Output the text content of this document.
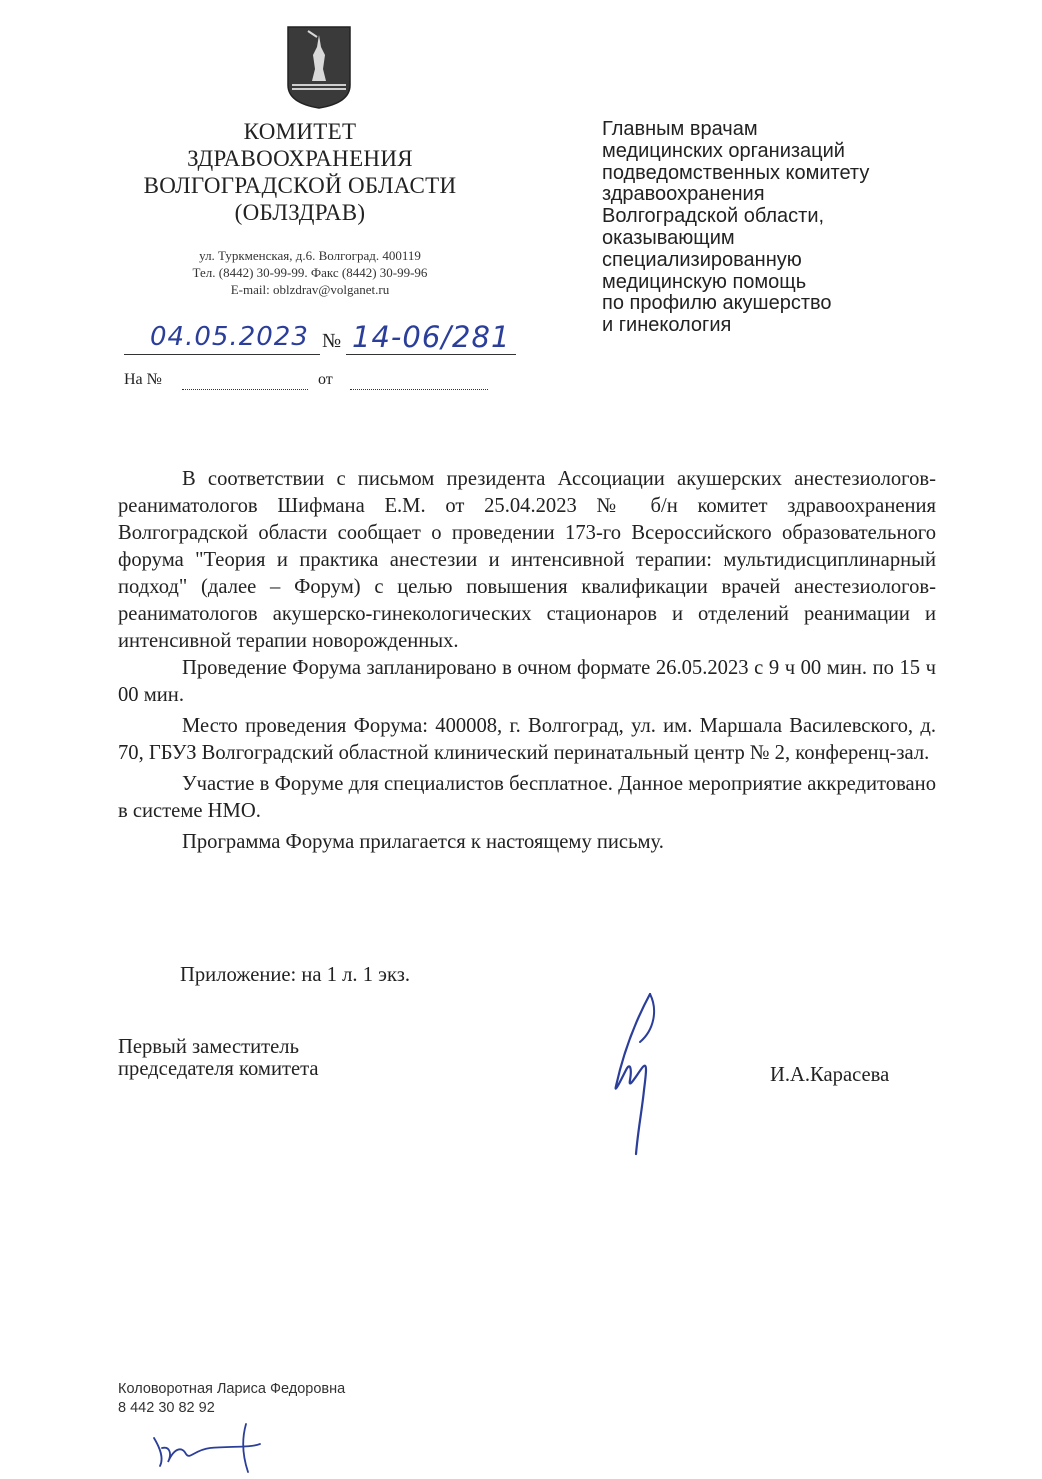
КОМИТЕТ
ЗДРАВООХРАНЕНИЯ
ВОЛГОГРАДСКОЙ ОБЛАСТИ
(ОБЛЗДРАВ)
ул. Туркменская, д.6. Волгоград. 400119
Тел. (8442) 30-99-99. Факс (8442) 30-99-96
E-mail: oblzdrav@volganet.ru
04.05.2023 № 14-06/281
На №	от
Главным врачам
медицинских организаций
подведомственных комитету
здравоохранения
Волгоградской области,
оказывающим
специализированную
медицинскую помощь
по профилю акушерство
и гинекология

В соответствии с письмом президента Ассоциации акушерских анестезиологов-реаниматологов Шифмана Е.М. от 25.04.2023 № б/н комитет здравоохранения Волгоградской области сообщает о проведении 173-го Всероссийского образовательного форума "Теория и практика анестезии и интенсивной терапии: мультидисциплинарный подход" (далее – Форум) с целью повышения квалификации врачей анестезиологов-реаниматологов акушерско-гинекологических стационаров и отделений реанимации и интенсивной терапии новорожденных.

Проведение Форума запланировано в очном формате 26.05.2023 с 9 ч 00 мин. по 15 ч 00 мин.

Место проведения Форума: 400008, г. Волгоград, ул. им. Маршала Василевского, д. 70, ГБУЗ Волгоградский областной клинический перинатальный центр № 2, конференц-зал.

Участие в Форуме для специалистов бесплатное. Данное мероприятие аккредитовано в системе НМО.

Программа Форума прилагается к настоящему письму.

Приложение: на 1 л. 1 экз.
Первый заместитель
председателя комитета	И.А.Карасева
Коловоротная Лариса Федоровна
8 442 30 82 92
